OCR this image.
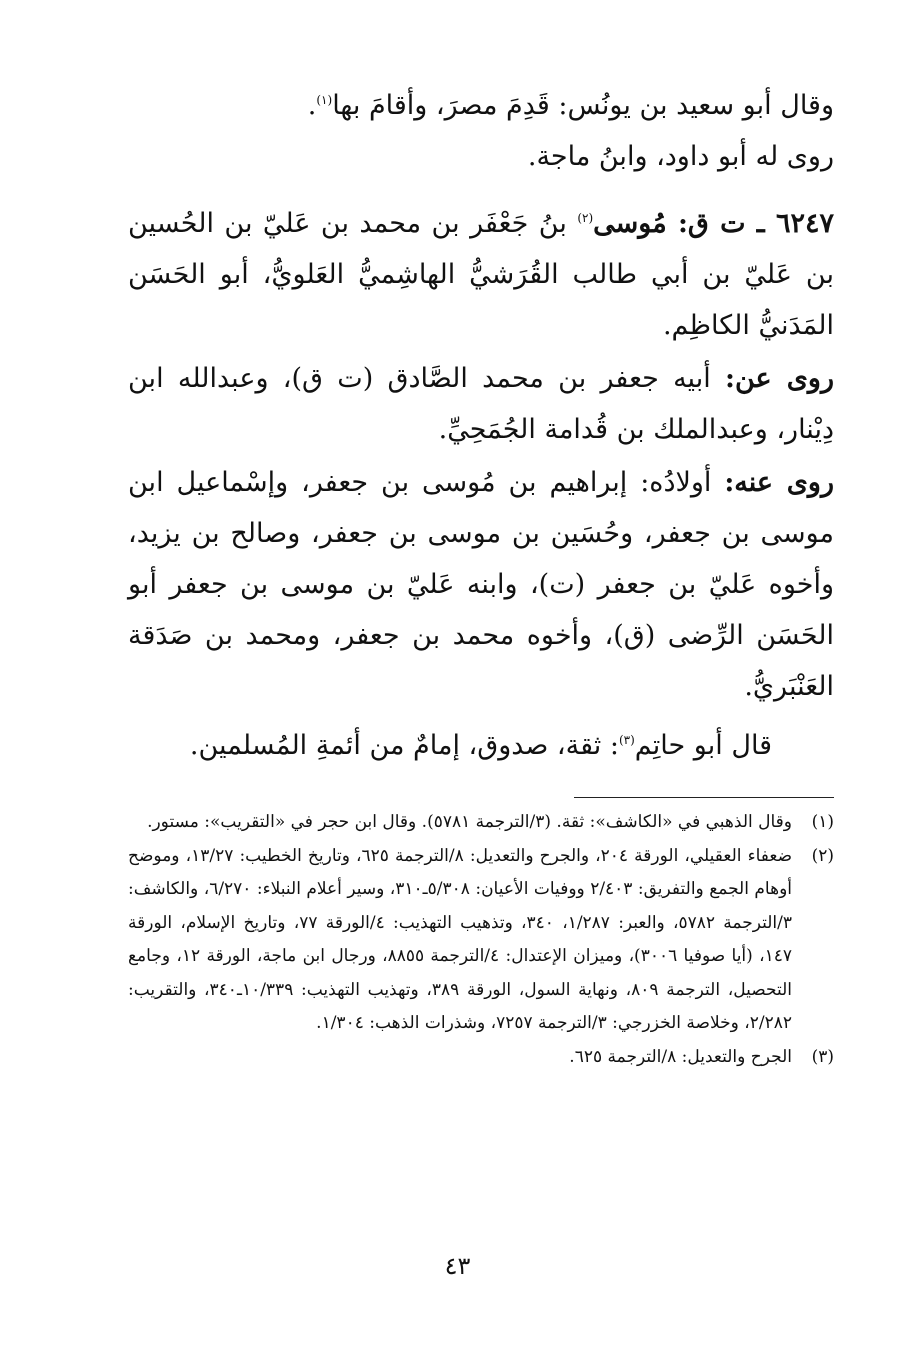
وقال أبو سعيد بن يونُس: قَدِمَ مصرَ، وأقامَ بها$^{(١)}$.
روى له أبو داود، وابنُ ماجة.

٦٢٤٧ ـ ت ق: مُوسى$^{(٢)}$ بنُ جَعْفَر بن محمد بن عَليّ بن الحُسين بن عَليّ بن أبي طالب القُرَشيُّ الهاشِميُّ العَلويُّ، أبو الحَسَن المَدَنيُّ الكاظِم.

روى عن: أبيه جعفر بن محمد الصَّادق (ت ق)، وعبدالله ابن دِيْنار، وعبدالملك بن قُدامة الجُمَحِيِّ.

روى عنه: أولادُه: إبراهيم بن مُوسى بن جعفر، وإسْماعيل ابن موسى بن جعفر، وحُسَين بن موسى بن جعفر، وصالح بن يزيد، وأخوه عَليّ بن جعفر (ت)، وابنه عَليّ بن موسى بن جعفر أبو الحَسَن الرِّضى (ق)، وأخوه محمد بن جعفر، ومحمد بن صَدَقة العَنْبَريُّ.

قال أبو حاتِم$^{(٣)}$: ثقة، صدوق، إمامٌ من أئمةِ المُسلمين.

(١)
وقال الذهبي في «الكاشف»: ثقة. (٣/الترجمة ٥٧٨١). وقال ابن حجر في «التقريب»: مستور.
(٢)
ضعفاء العقيلي، الورقة ٢٠٤، والجرح والتعديل: ٨/الترجمة ٦٢٥، وتاريخ الخطيب: ١٣/٢٧، وموضح أوهام الجمع والتفريق: ٢/٤٠٣ ووفيات الأعيان: ٥/٣٠٨ـ٣١٠، وسير أعلام النبلاء: ٦/٢٧٠، والكاشف: ٣/الترجمة ٥٧٨٢، والعبر: ١/٢٨٧، ٣٤٠، وتذهيب التهذيب: ٤/الورقة ٧٧، وتاريخ الإسلام، الورقة ١٤٧، (أيا صوفيا ٣٠٠٦)، وميزان الإعتدال: ٤/الترجمة ٨٨٥٥، ورجال ابن ماجة، الورقة ١٢، وجامع التحصيل، الترجمة ٨٠٩، ونهاية السول، الورقة ٣٨٩، وتهذيب التهذيب: ١٠/٣٣٩ـ٣٤٠، والتقريب: ٢/٢٨٢، وخلاصة الخزرجي: ٣/الترجمة ٧٢٥٧، وشذرات الذهب: ١/٣٠٤.
(٣)
الجرح والتعديل: ٨/الترجمة ٦٢٥.
٤٣
